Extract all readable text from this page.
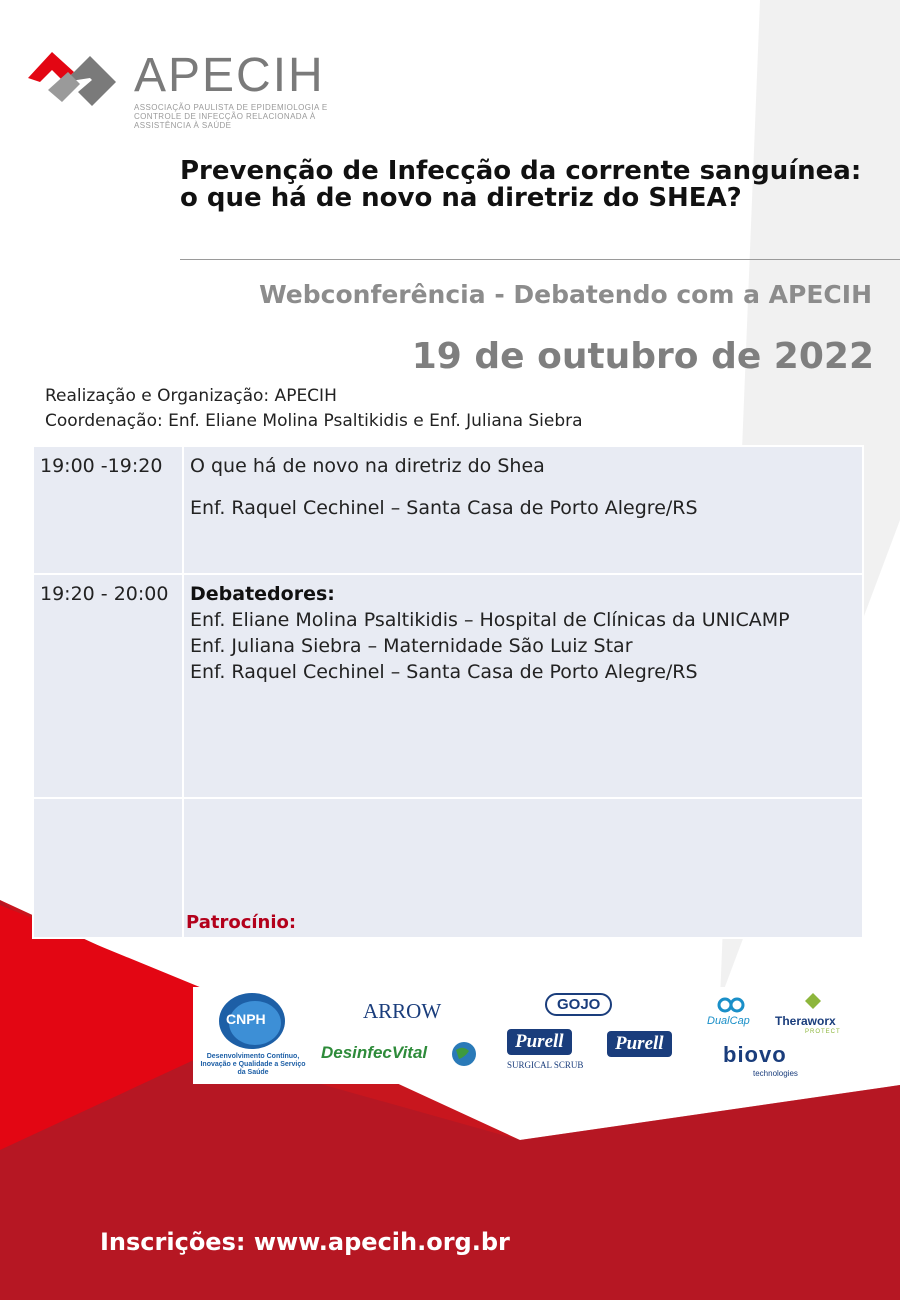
APECIH
ASSOCIAÇÃO PAULISTA DE EPIDEMIOLOGIA E CONTROLE DE INFECÇÃO RELACIONADA À ASSISTÊNCIA À SAÚDE
Prevenção de Infecção da corrente sanguínea: o que há de novo na diretriz do SHEA?
Webconferência - Debatendo com a APECIH
19 de outubro de 2022
Realização e Organização: APECIH
Coordenação: Enf. Eliane Molina Psaltikidis e Enf. Juliana Siebra
19:00 -19:20	O que há de novo na diretriz do Shea
Enf. Raquel Cechinel – Santa Casa de Porto Alegre/RS

19:20 - 20:00	Debatedores:
Enf. Eliane Molina Psaltikidis – Hospital de Clínicas da UNICAMP
Enf. Juliana Siebra – Maternidade São Luiz Star
Enf. Raquel Cechinel – Santa Casa de Porto Alegre/RS

Patrocínio:
CNPH
Desenvolvimento Contínuo, Inovação e Qualidade a Serviço da Saúde
ARROW
DesinfecVital
GOJO
Purell
SURGICAL SCRUB
Purell
DualCap Theraworx
PROTECT
biovo
technologies
Inscrições: www.apecih.org.br
